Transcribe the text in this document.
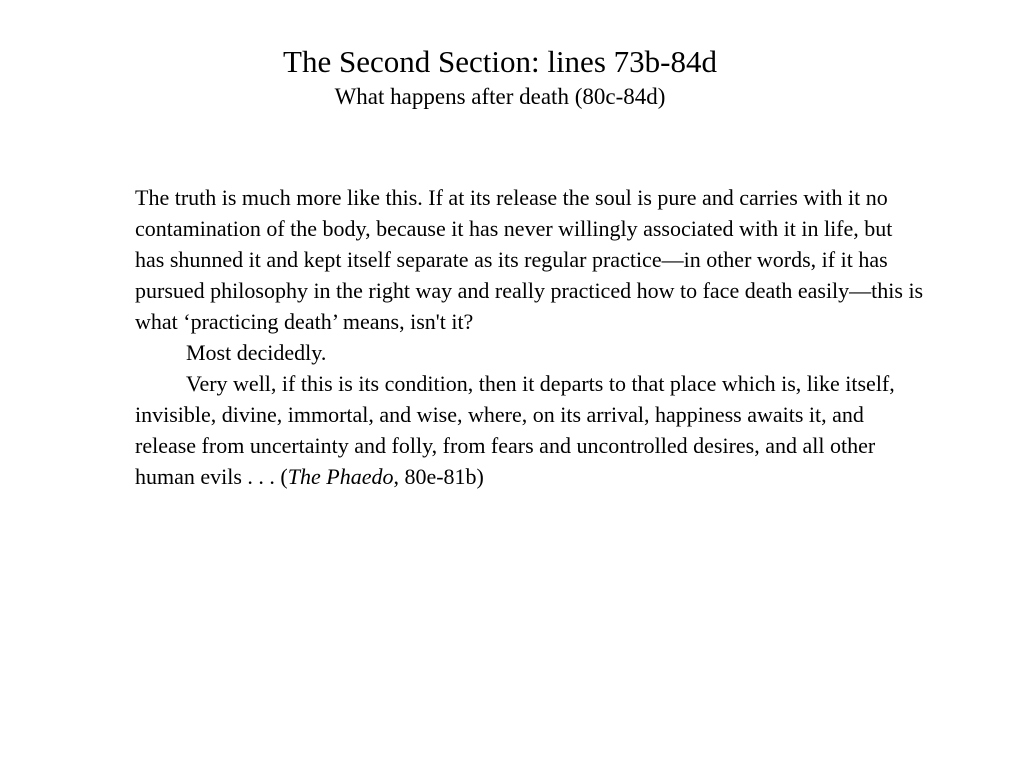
The Second Section: lines 73b-84d

What happens after death (80c-84d)

The truth is much more like this. If at its release the soul is pure and carries with it no contamination of the body, because it has never willingly associated with it in life, but has shunned it and kept itself separate as its regular practice—in other words, if it has pursued philosophy in the right way and really practiced how to face death easily—this is what ‘practicing death’ means, isn't it?

Most decidedly.

Very well, if this is its condition, then it departs to that place which is, like itself, invisible, divine, immortal, and wise, where, on its arrival, happiness awaits it, and release from uncertainty and folly, from fears and uncontrolled desires, and all other human evils . . . (The Phaedo, 80e-81b)
